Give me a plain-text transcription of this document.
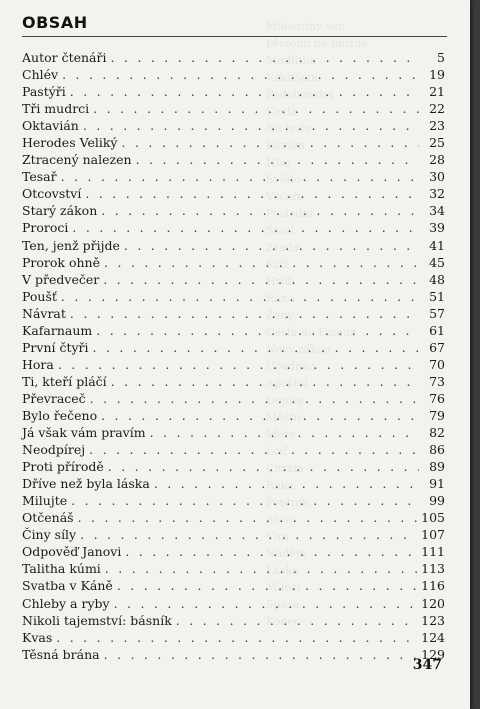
Milosrdný sen
Pěstoun na hnízdě
Modlitba
Vzkříšení
Podobenství
Cesta
Na hoře
Kámen
Hlas
Světlo
Večeře
Poslední
Soud
Zrada
Kříž
Hrob
Ráno
Ženy
Cesta do Emauz
Nový zákon
Učedníci
Apoštol
Dopisy
Město
Moře
Loď
Chrám
Řeka
Poutník
Slovo
Víra
Naděje
Láska
Milost
Spása
Konec
OBSAH
Autor čtenáři . . .	5
Chlév . . .	19
Pastýři . . .	21
Tři mudrci . . .	22
Oktavián . . .	23
Herodes Veliký . . .	25
Ztracený nalezen . . .	28
Tesař . . .	30
Otcovství . . .	32
Starý zákon . . .	34
Proroci . . .	39
Ten, jenž přijde . . .	41
Prorok ohně . . .	45
V předvečer . . .	48
Poušť . . .	51
Návrat . . .	57
Kafarnaum . . .	61
První čtyři . . .	67
Hora . . .	70
Ti, kteří pláčí . . .	73
Převraceč . . .	76
Bylo řečeno . . .	79
Já však vám pravím . . .	82
Neodpírej . . .	86
Proti přírodě . . .	89
Dříve než byla láska . . .	91
Milujte . . .	99
Otčenáš . . .	105
Činy síly . . .	107
Odpověď Janovi . . .	111
Talitha kúmi . . .	113
Svatba v Káně . . .	116
Chleby a ryby . . .	120
Nikoli tajemství: básník . . .	123
Kvas . . .	124
Těsná brána . . .	129
347
